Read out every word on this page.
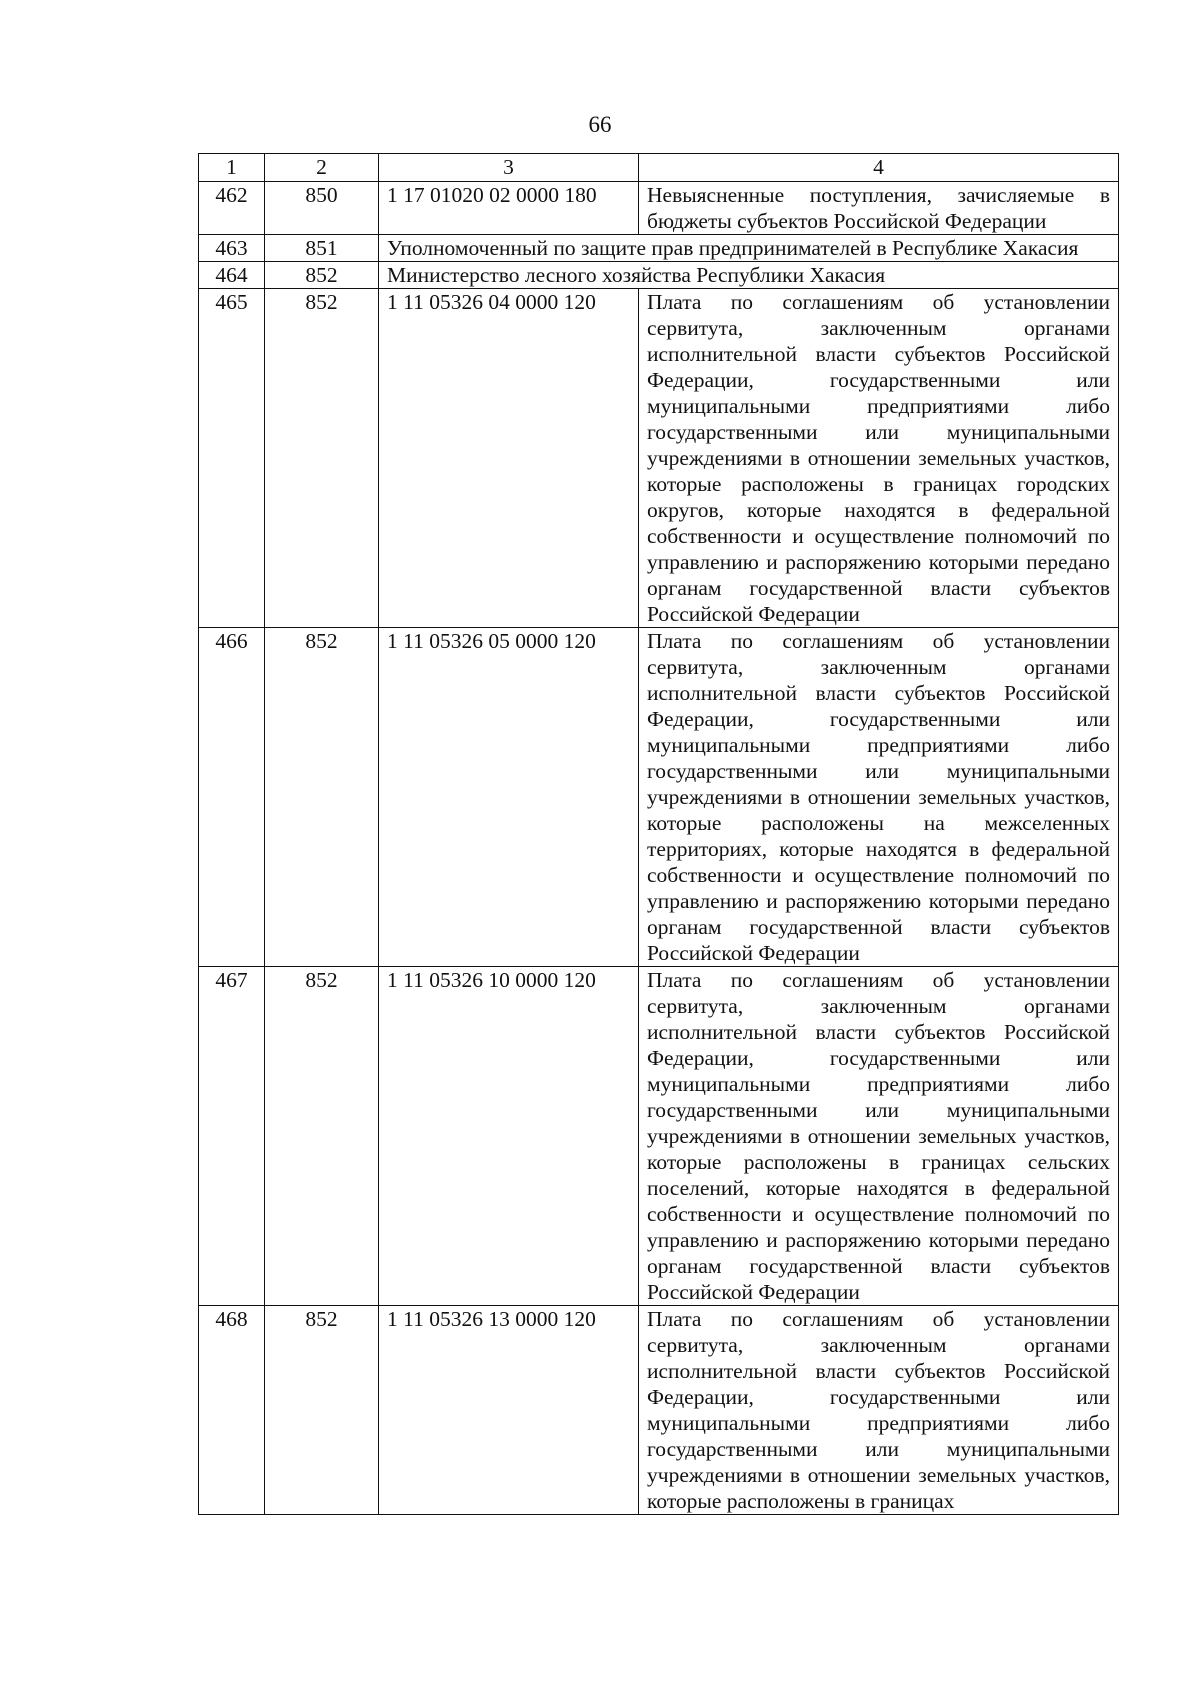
66
1	2	3	4
462	850	1 17 01020 02 0000 180	Невыясненные поступления, зачисляемые в бюджеты субъектов Российской Федерации
463	851	Уполномоченный по защите прав предпринимателей в Республике Хакасия	
464	852	Министерство лесного хозяйства Республики Хакасия	
465	852	1 11 05326 04 0000 120	Плата по соглашениям об установлении сервитута, заключенным органами исполнительной власти субъектов Российской Федерации, государственными или муниципальными предприятиями либо государственными или муниципальными учреждениями в отношении земельных участков, которые расположены в границах городских округов, которые находятся в федеральной собственности и осуществление полномочий по управлению и распоряжению которыми передано органам государственной власти субъектов Российской Федерации
466	852	1 11 05326 05 0000 120	Плата по соглашениям об установлении сервитута, заключенным органами исполнительной власти субъектов Российской Федерации, государственными или муниципальными предприятиями либо государственными или муниципальными учреждениями в отношении земельных участков, которые расположены на межселенных территориях, которые находятся в федеральной собственности и осуществление полномочий по управлению и распоряжению которыми передано органам государственной власти субъектов Российской Федерации
467	852	1 11 05326 10 0000 120	Плата по соглашениям об установлении сервитута, заключенным органами исполнительной власти субъектов Российской Федерации, государственными или муниципальными предприятиями либо государственными или муниципальными учреждениями в отношении земельных участков, которые расположены в границах сельских поселений, которые находятся в федеральной собственности и осуществление полномочий по управлению и распоряжению которыми передано органам государственной власти субъектов Российской Федерации
468	852	1 11 05326 13 0000 120	Плата по соглашениям об установлении сервитута, заключенным органами исполнительной власти субъектов Российской Федерации, государственными или муниципальными предприятиями либо государственными или муниципальными учреждениями в отношении земельных участков, которые расположены в границах
